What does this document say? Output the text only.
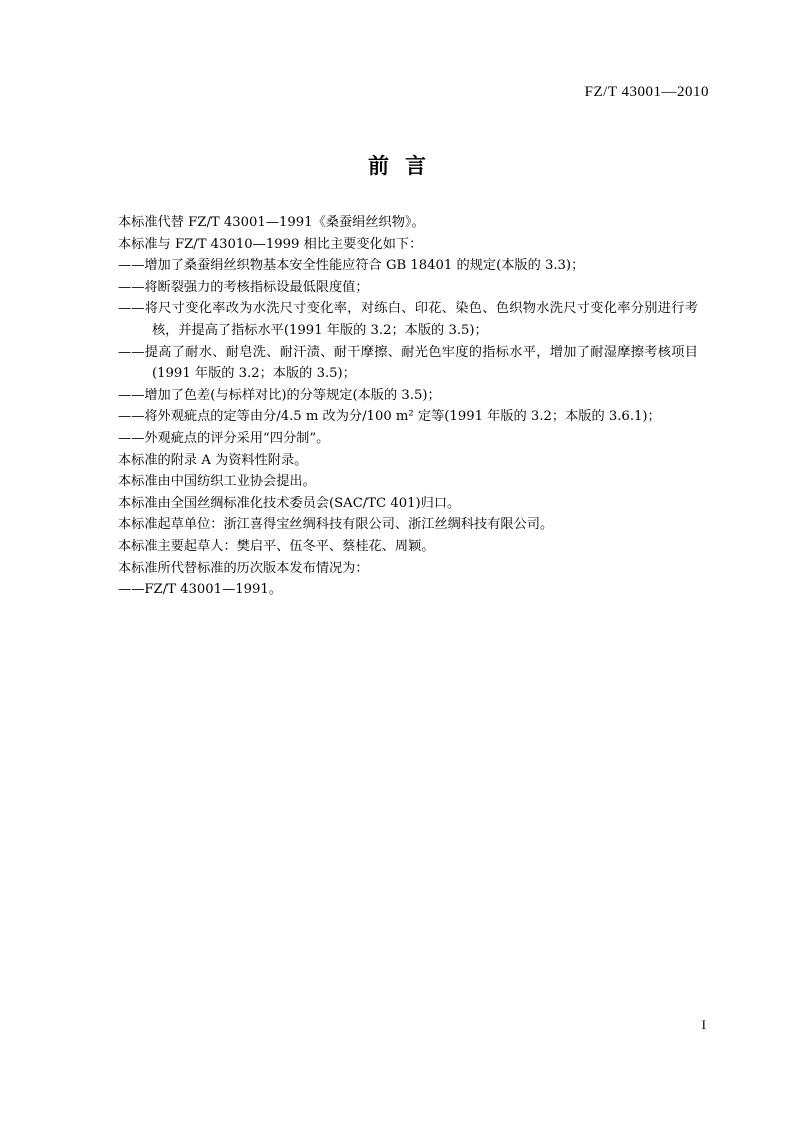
FZ/T 43001—2010
前言

本标准代替 FZ/T 43001—1991《桑蚕绢丝织物》。

本标准与 FZ/T 43010—1999 相比主要变化如下：

——增加了桑蚕绢丝织物基本安全性能应符合 GB 18401 的规定(本版的 3.3)；

——将断裂强力的考核指标设最低限度值；

——将尺寸变化率改为水洗尺寸变化率，对练白、印花、染色、色织物水洗尺寸变化率分别进行考核，并提高了指标水平(1991 年版的 3.2；本版的 3.5)；

——提高了耐水、耐皂洗、耐汗渍、耐干摩擦、耐光色牢度的指标水平，增加了耐湿摩擦考核项目(1991 年版的 3.2；本版的 3.5)；

——增加了色差(与标样对比)的分等规定(本版的 3.5)；

——将外观疵点的定等由分/4.5 m 改为分/100 m² 定等(1991 年版的 3.2；本版的 3.6.1)；

——外观疵点的评分采用“四分制”。

本标准的附录 A 为资料性附录。

本标准由中国纺织工业协会提出。

本标准由全国丝绸标准化技术委员会(SAC/TC 401)归口。

本标准起草单位：浙江喜得宝丝绸科技有限公司、浙江丝绸科技有限公司。

本标准主要起草人：樊启平、伍冬平、蔡桂花、周颖。

本标准所代替标准的历次版本发布情况为：

——FZ/T 43001—1991。

I
